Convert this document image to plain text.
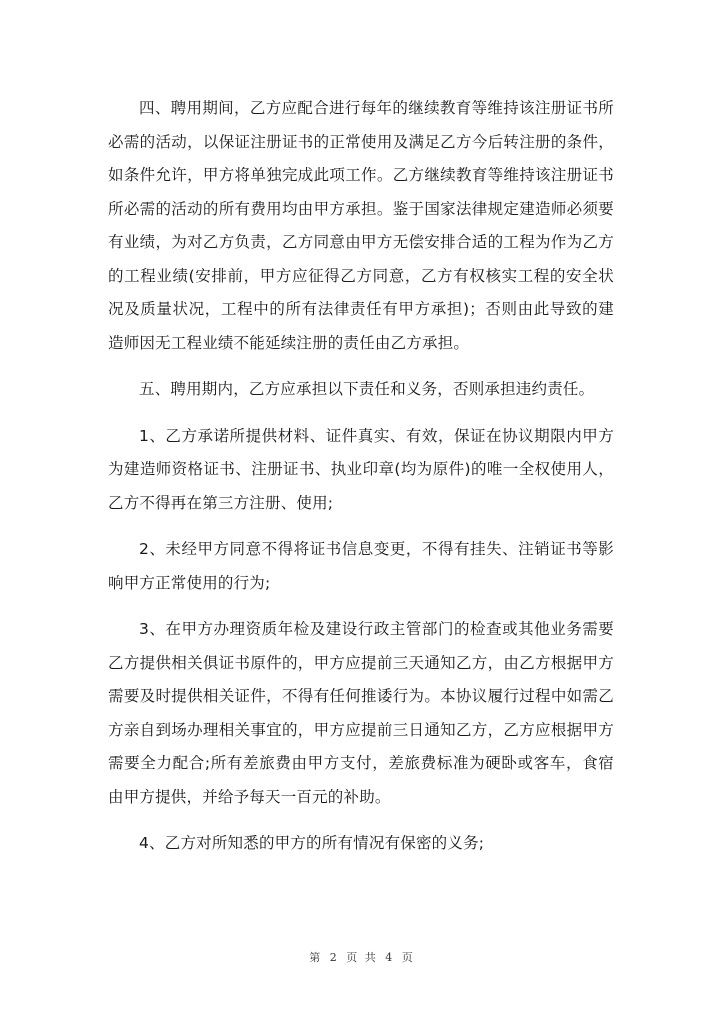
四、聘用期间，乙方应配合进行每年的继续教育等维持该注册证书所必需的活动，以保证注册证书的正常使用及满足乙方今后转注册的条件，如条件允许，甲方将单独完成此项工作。乙方继续教育等维持该注册证书所必需的活动的所有费用均由甲方承担。鉴于国家法律规定建造师必须要有业绩，为对乙方负责，乙方同意由甲方无偿安排合适的工程为作为乙方的工程业绩(安排前，甲方应征得乙方同意，乙方有权核实工程的安全状况及质量状况，工程中的所有法律责任有甲方承担)；否则由此导致的建造师因无工程业绩不能延续注册的责任由乙方承担。

五、聘用期内，乙方应承担以下责任和义务，否则承担违约责任。

1、乙方承诺所提供材料、证件真实、有效，保证在协议期限内甲方为建造师资格证书、注册证书、执业印章(均为原件)的唯一全权使用人，乙方不得再在第三方注册、使用;

2、未经甲方同意不得将证书信息变更，不得有挂失、注销证书等影响甲方正常使用的行为;

3、在甲方办理资质年检及建设行政主管部门的检查或其他业务需要乙方提供相关俱证书原件的，甲方应提前三天通知乙方，由乙方根据甲方需要及时提供相关证件，不得有任何推诿行为。本协议履行过程中如需乙方亲自到场办理相关事宜的，甲方应提前三日通知乙方，乙方应根据甲方需要全力配合;所有差旅费由甲方支付，差旅费标准为硬卧或客车，食宿由甲方提供，并给予每天一百元的补助。

4、乙方对所知悉的甲方的所有情况有保密的义务;

第 2 页 共 4 页
